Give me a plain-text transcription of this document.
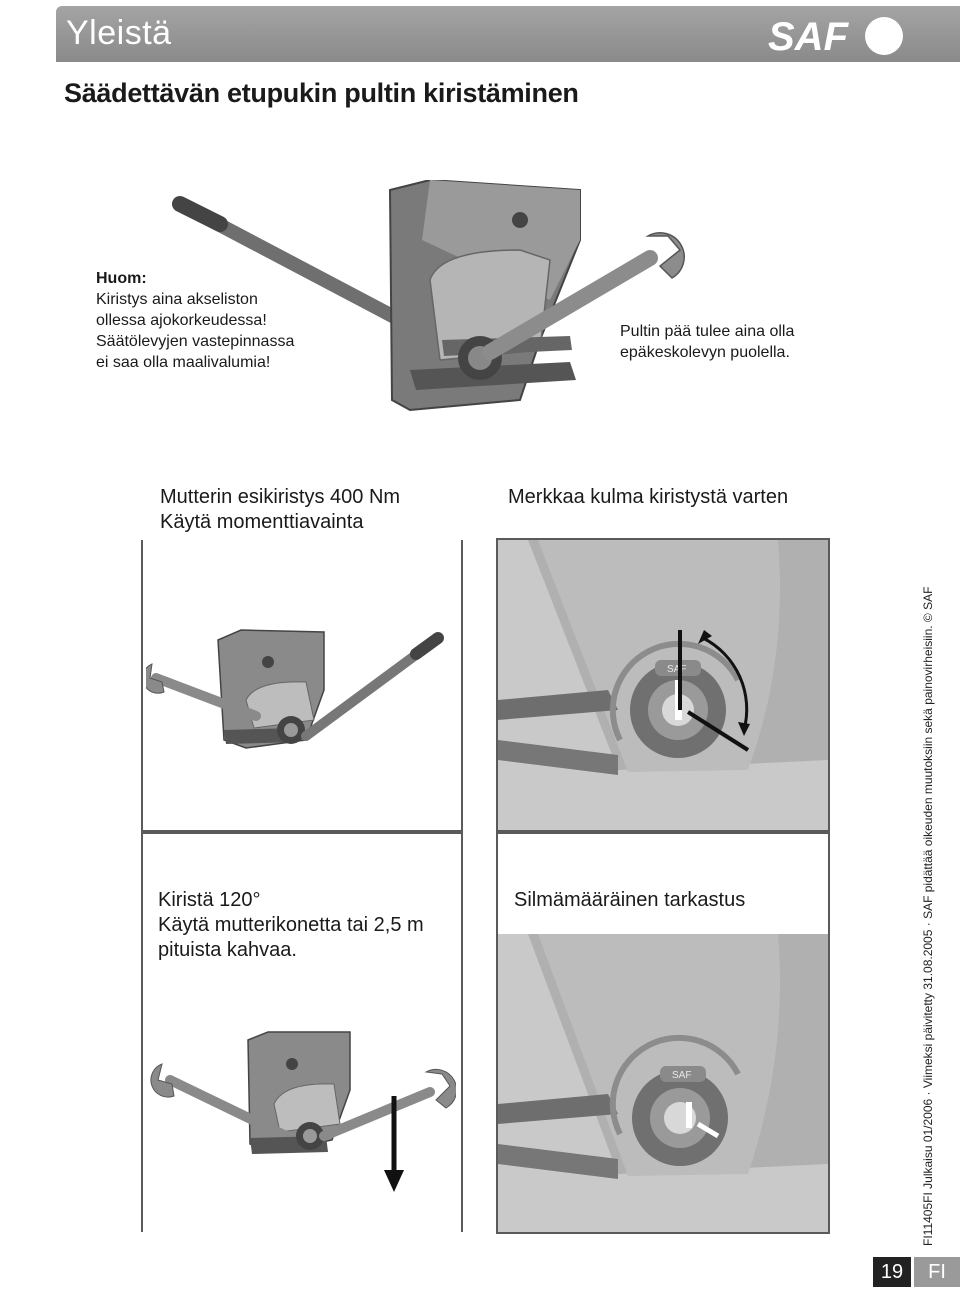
Yleistä	SAF
Säädettävän etupukin pultin kiristäminen
Huom:
Kiristys aina akseliston
ollessa ajokorkeudessa!
Säätölevyjen vastepinnassa
ei saa olla maalivalumia!
Pultin pää tulee aina olla
epäkeskolevyn puolella.
Mutterin esikiristys 400 Nm
Käytä momenttiavainta
Merkkaa kulma kiristystä varten
Kiristä 120°
Käytä mutterikonetta tai 2,5 m
pituista kahvaa.
Silmämääräinen tarkastus
SAF
SAF	FI11405FI Julkaisu 01/2006 · Viimeksi päivitetty 31.08.2005 · SAF pidättää oikeuden muutoksiin sekä painovirheisiin. © SAF
19	FI
